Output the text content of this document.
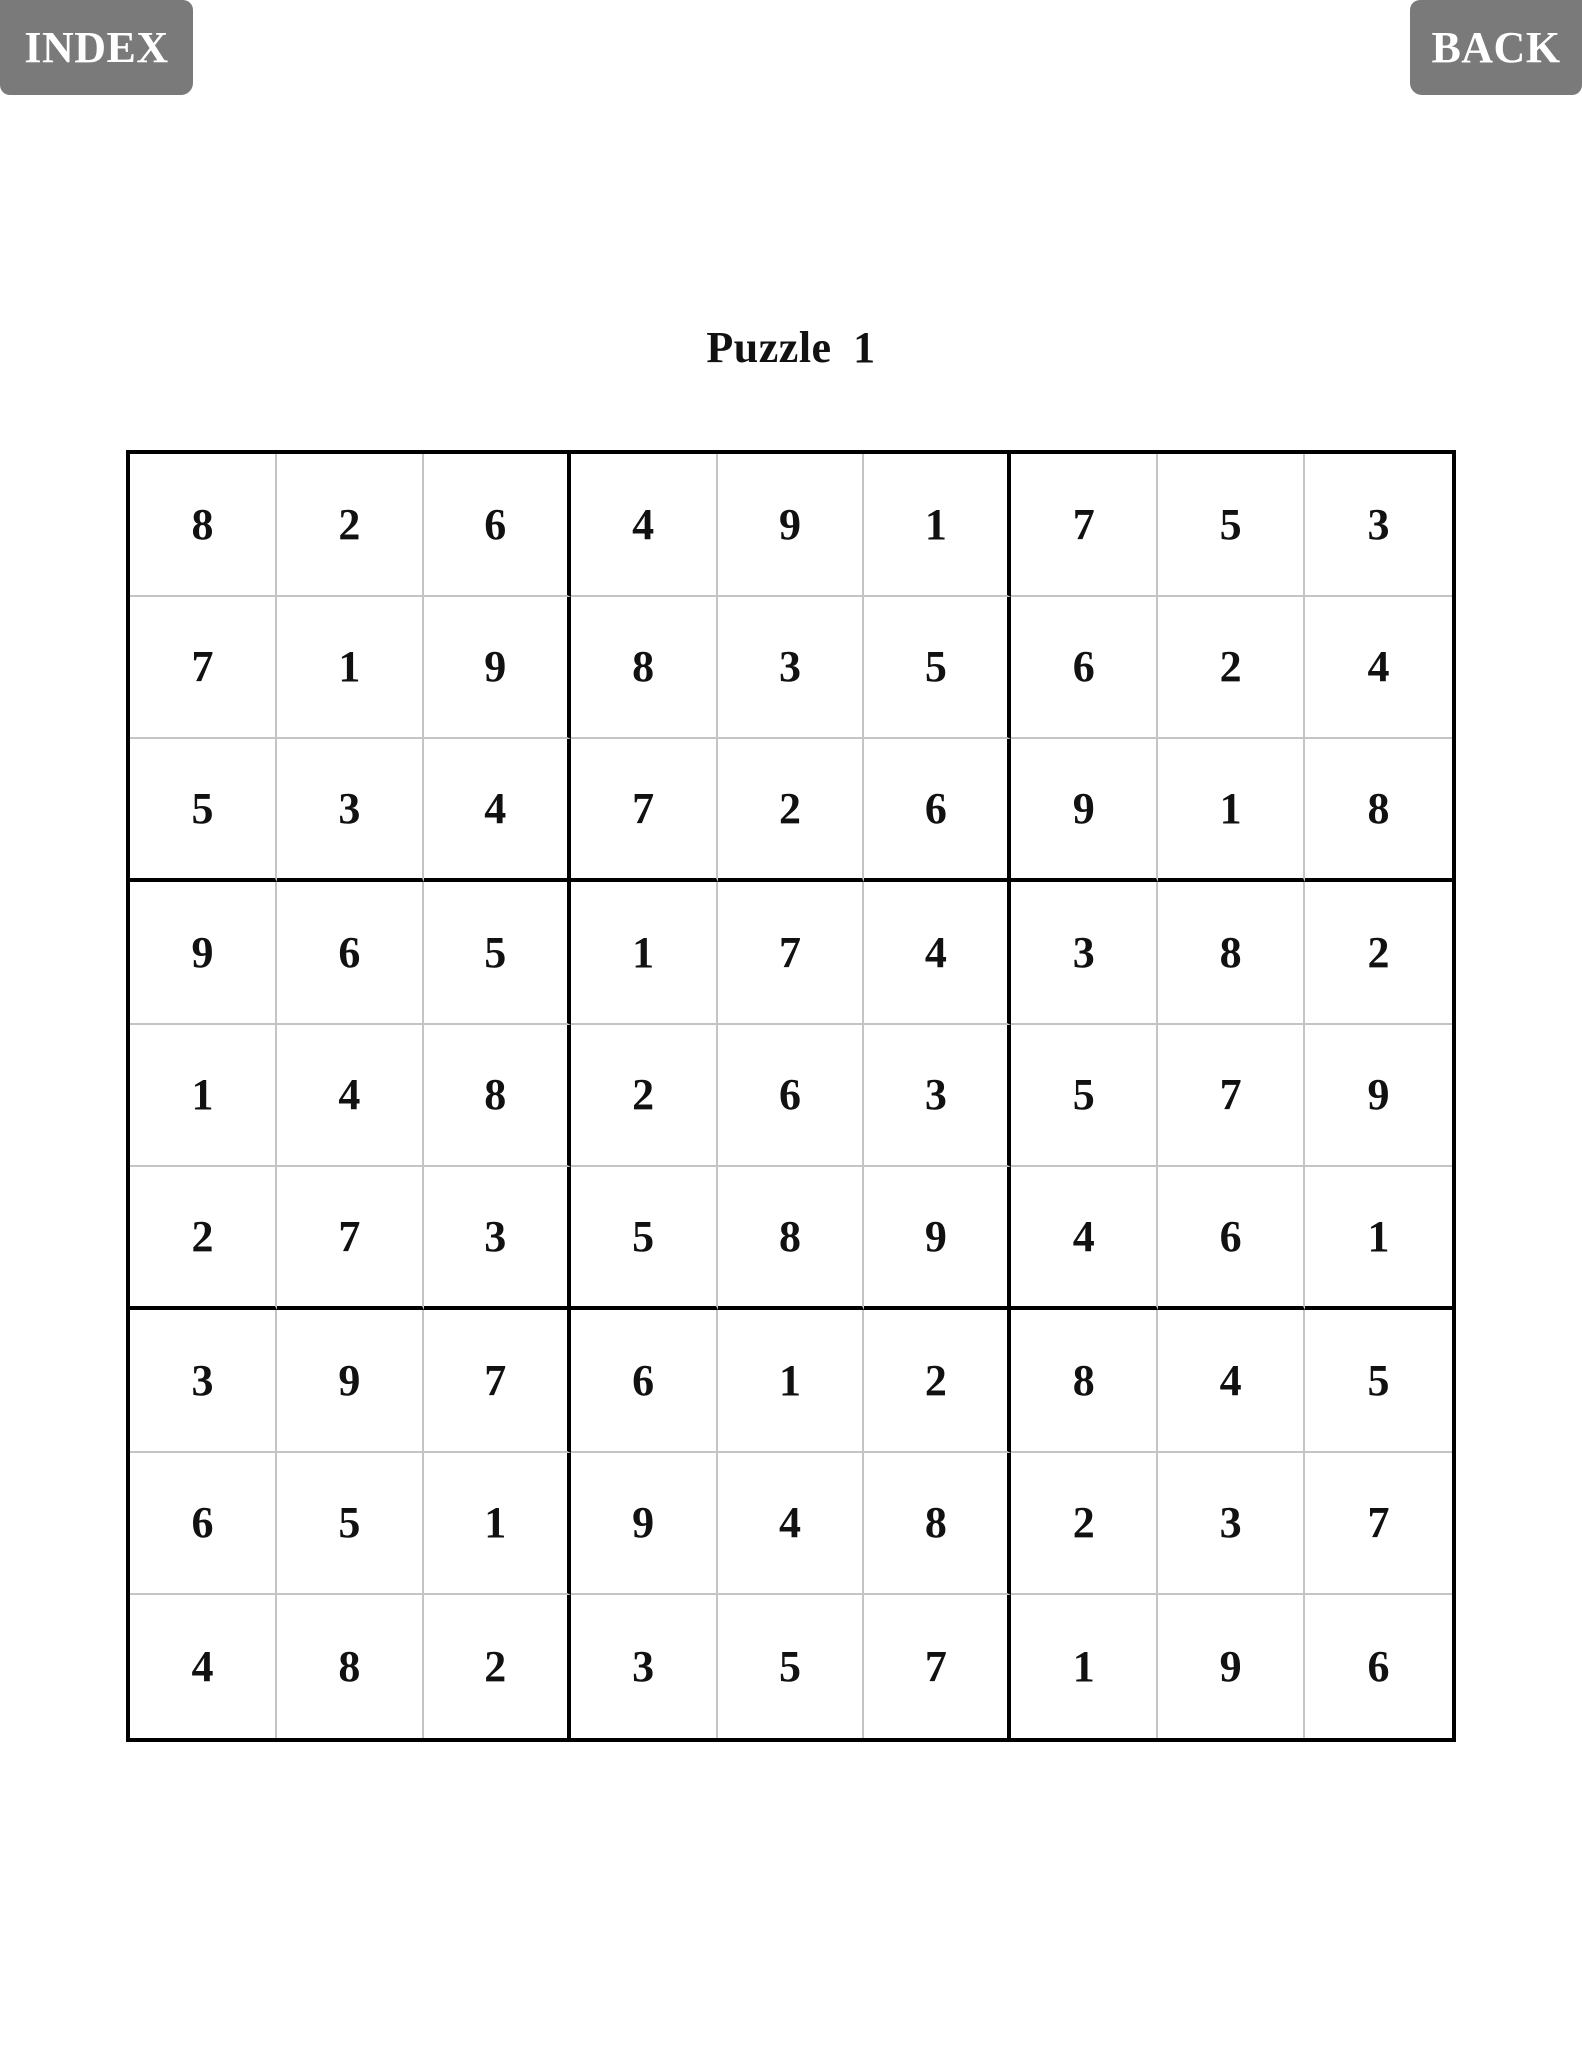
INDEX	BACK
Puzzle 1
8	2	6	4	9	1	7	5	3
7	1	9	8	3	5	6	2	4
5	3	4	7	2	6	9	1	8
9	6	5	1	7	4	3	8	2
1	4	8	2	6	3	5	7	9
2	7	3	5	8	9	4	6	1
3	9	7	6	1	2	8	4	5
6	5	1	9	4	8	2	3	7
4	8	2	3	5	7	1	9	6
